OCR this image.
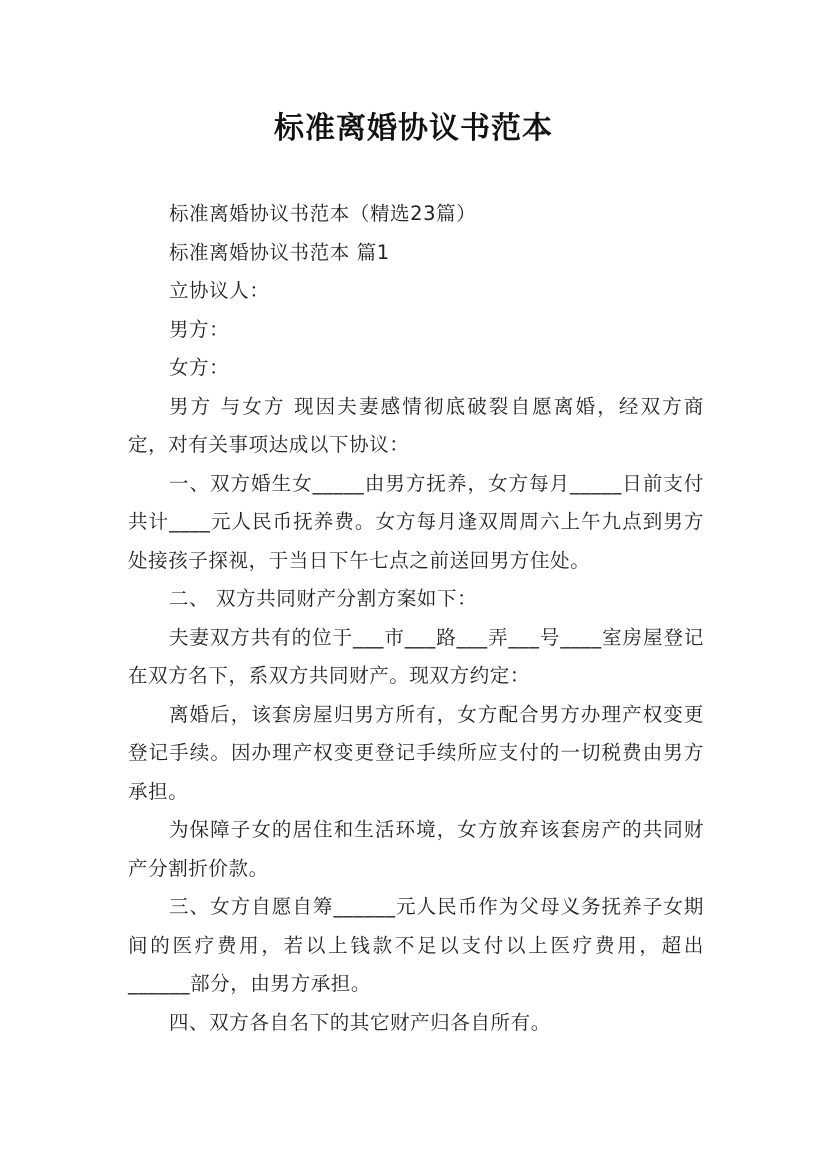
标准离婚协议书范本

标准离婚协议书范本（精选23篇）

标准离婚协议书范本 篇1

立协议人：

男方：

女方：

男方 与女方 现因夫妻感情彻底破裂自愿离婚，经双方商定，对有关事项达成以下协议：

一、双方婚生女_____由男方抚养，女方每月_____日前支付共计____元人民币抚养费。女方每月逢双周周六上午九点到男方处接孩子探视，于当日下午七点之前送回男方住处。

二、 双方共同财产分割方案如下：

夫妻双方共有的位于___市___路___弄___号____室房屋登记在双方名下，系双方共同财产。现双方约定：

离婚后，该套房屋归男方所有，女方配合男方办理产权变更登记手续。因办理产权变更登记手续所应支付的一切税费由男方承担。

为保障子女的居住和生活环境，女方放弃该套房产的共同财产分割折价款。

三、女方自愿自筹______元人民币作为父母义务抚养子女期间的医疗费用，若以上钱款不足以支付以上医疗费用，超出______部分，由男方承担。

四、双方各自名下的其它财产归各自所有。
